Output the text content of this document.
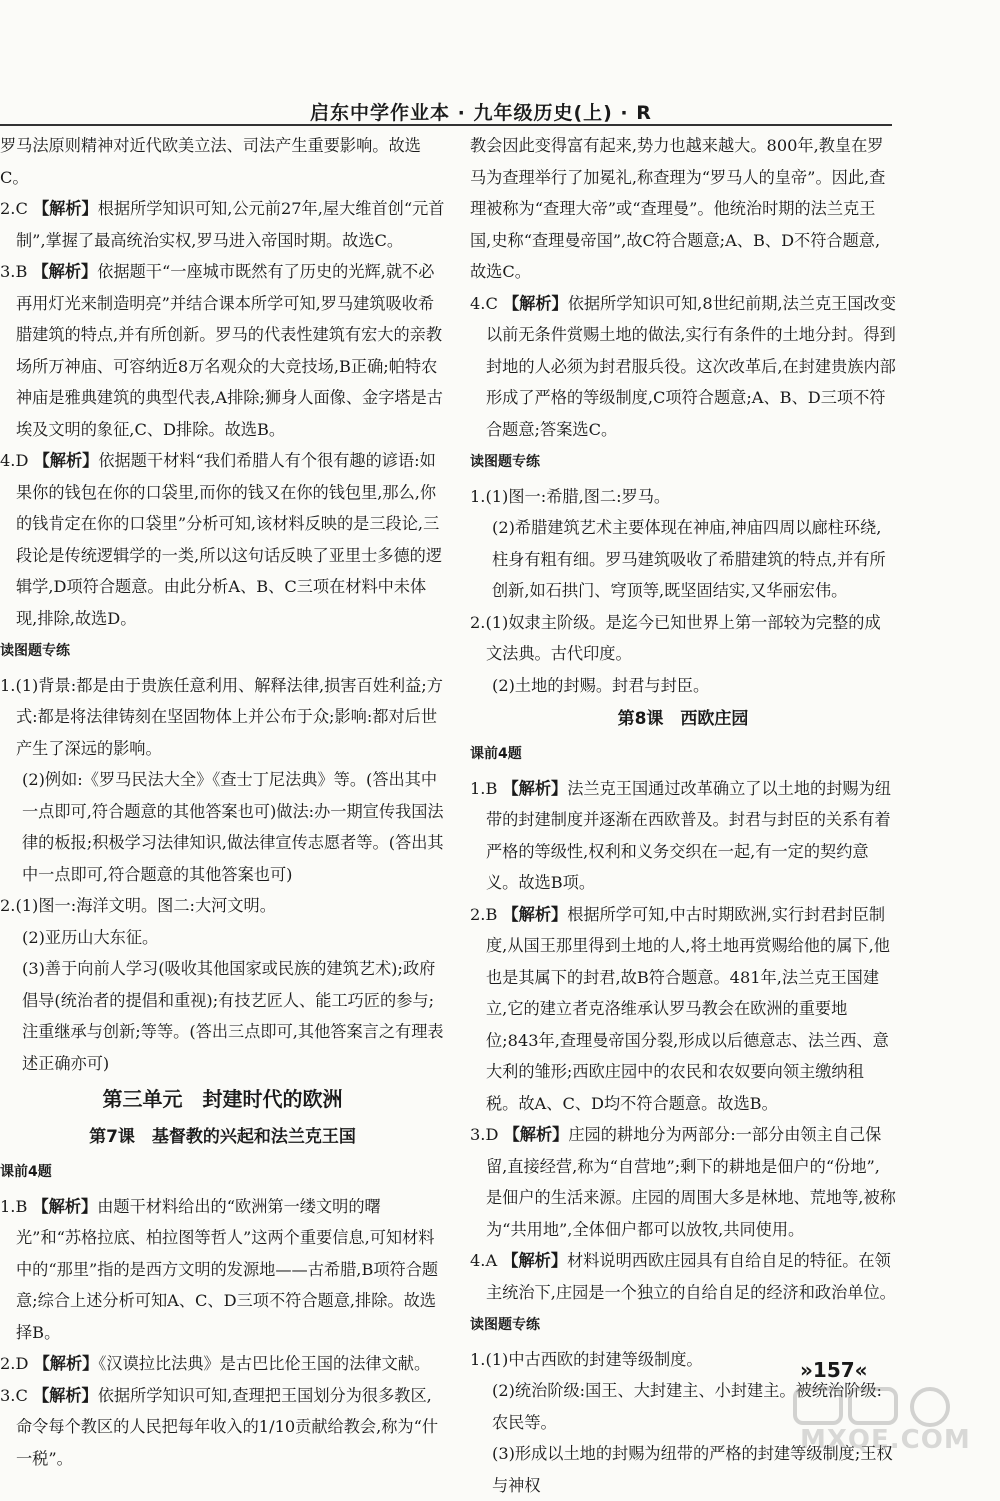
启东中学作业本 · 九年级历史(上) · R

罗马法原则精神对近代欧美立法、司法产生重要影响。故选C。

2.C 【解析】根据所学知识可知,公元前27年,屋大维首创“元首制”,掌握了最高统治实权,罗马进入帝国时期。故选C。

3.B 【解析】依据题干“一座城市既然有了历史的光辉,就不必再用灯光来制造明亮”并结合课本所学可知,罗马建筑吸收希腊建筑的特点,并有所创新。罗马的代表性建筑有宏大的亲教场所万神庙、可容纳近8万名观众的大竞技场,B正确;帕特农神庙是雅典建筑的典型代表,A排除;狮身人面像、金字塔是古埃及文明的象征,C、D排除。故选B。

4.D 【解析】依据题干材料“我们希腊人有个很有趣的谚语:如果你的钱包在你的口袋里,而你的钱又在你的钱包里,那么,你的钱肯定在你的口袋里”分析可知,该材料反映的是三段论,三段论是传统逻辑学的一类,所以这句话反映了亚里士多德的逻辑学,D项符合题意。由此分析A、B、C三项在材料中未体现,排除,故选D。

读图题专练

1.(1)背景:都是由于贵族任意利用、解释法律,损害百姓利益;方式:都是将法律铸刻在坚固物体上并公布于众;影响:都对后世产生了深远的影响。

(2)例如:《罗马民法大全》《查士丁尼法典》等。(答出其中一点即可,符合题意的其他答案也可)做法:办一期宣传我国法律的板报;积极学习法律知识,做法律宣传志愿者等。(答出其中一点即可,符合题意的其他答案也可)

2.(1)图一:海洋文明。图二:大河文明。

(2)亚历山大东征。

(3)善于向前人学习(吸收其他国家或民族的建筑艺术);政府倡导(统治者的提倡和重视);有技艺匠人、能工巧匠的参与;注重继承与创新;等等。(答出三点即可,其他答案言之有理表述正确亦可)

第三单元　封建时代的欧洲

第7课　基督教的兴起和法兰克王国

课前4题

1.B 【解析】由题干材料给出的“欧洲第一缕文明的曙光”和“苏格拉底、柏拉图等哲人”这两个重要信息,可知材料中的“那里”指的是西方文明的发源地——古希腊,B项符合题意;综合上述分析可知A、C、D三项不符合题意,排除。故选择B。

2.D 【解析】《汉谟拉比法典》是古巴比伦王国的法律文献。

3.C 【解析】依据所学知识可知,查理把王国划分为很多教区,命令每个教区的人民把每年收入的1/10贡献给教会,称为“什一税”。

教会因此变得富有起来,势力也越来越大。800年,教皇在罗马为查理举行了加冕礼,称查理为“罗马人的皇帝”。因此,查理被称为“查理大帝”或“查理曼”。他统治时期的法兰克王国,史称“查理曼帝国”,故C符合题意;A、B、D不符合题意,故选C。

4.C 【解析】依据所学知识可知,8世纪前期,法兰克王国改变以前无条件赏赐土地的做法,实行有条件的土地分封。得到封地的人必须为封君服兵役。这次改革后,在封建贵族内部形成了严格的等级制度,C项符合题意;A、B、D三项不符合题意;答案选C。

读图题专练

1.(1)图一:希腊,图二:罗马。

(2)希腊建筑艺术主要体现在神庙,神庙四周以廊柱环绕,柱身有粗有细。罗马建筑吸收了希腊建筑的特点,并有所创新,如石拱门、穹顶等,既坚固结实,又华丽宏伟。

2.(1)奴隶主阶级。是迄今已知世界上第一部较为完整的成文法典。古代印度。

(2)土地的封赐。封君与封臣。

第8课　西欧庄园

课前4题

1.B 【解析】法兰克王国通过改革确立了以土地的封赐为纽带的封建制度并逐渐在西欧普及。封君与封臣的关系有着严格的等级性,权利和义务交织在一起,有一定的契约意义。故选B项。

2.B 【解析】根据所学可知,中古时期欧洲,实行封君封臣制度,从国王那里得到土地的人,将土地再赏赐给他的属下,他也是其属下的封君,故B符合题意。481年,法兰克王国建立,它的建立者克洛维承认罗马教会在欧洲的重要地位;843年,查理曼帝国分裂,形成以后德意志、法兰西、意大利的雏形;西欧庄园中的农民和农奴要向领主缴纳租税。故A、C、D均不符合题意。故选B。

3.D 【解析】庄园的耕地分为两部分:一部分由领主自己保留,直接经营,称为“自营地”;剩下的耕地是佃户的“份地”,是佃户的生活来源。庄园的周围大多是林地、荒地等,被称为“共用地”,全体佃户都可以放牧,共同使用。

4.A 【解析】材料说明西欧庄园具有自给自足的特征。在领主统治下,庄园是一个独立的自给自足的经济和政治单位。

读图题专练

1.(1)中古西欧的封建等级制度。

(2)统治阶级:国王、大封建主、小封建主。被统治阶级:农民等。

(3)形成以土地的封赐为纽带的严格的封建等级制度;王权与神权

»157«
MXQE.COM
